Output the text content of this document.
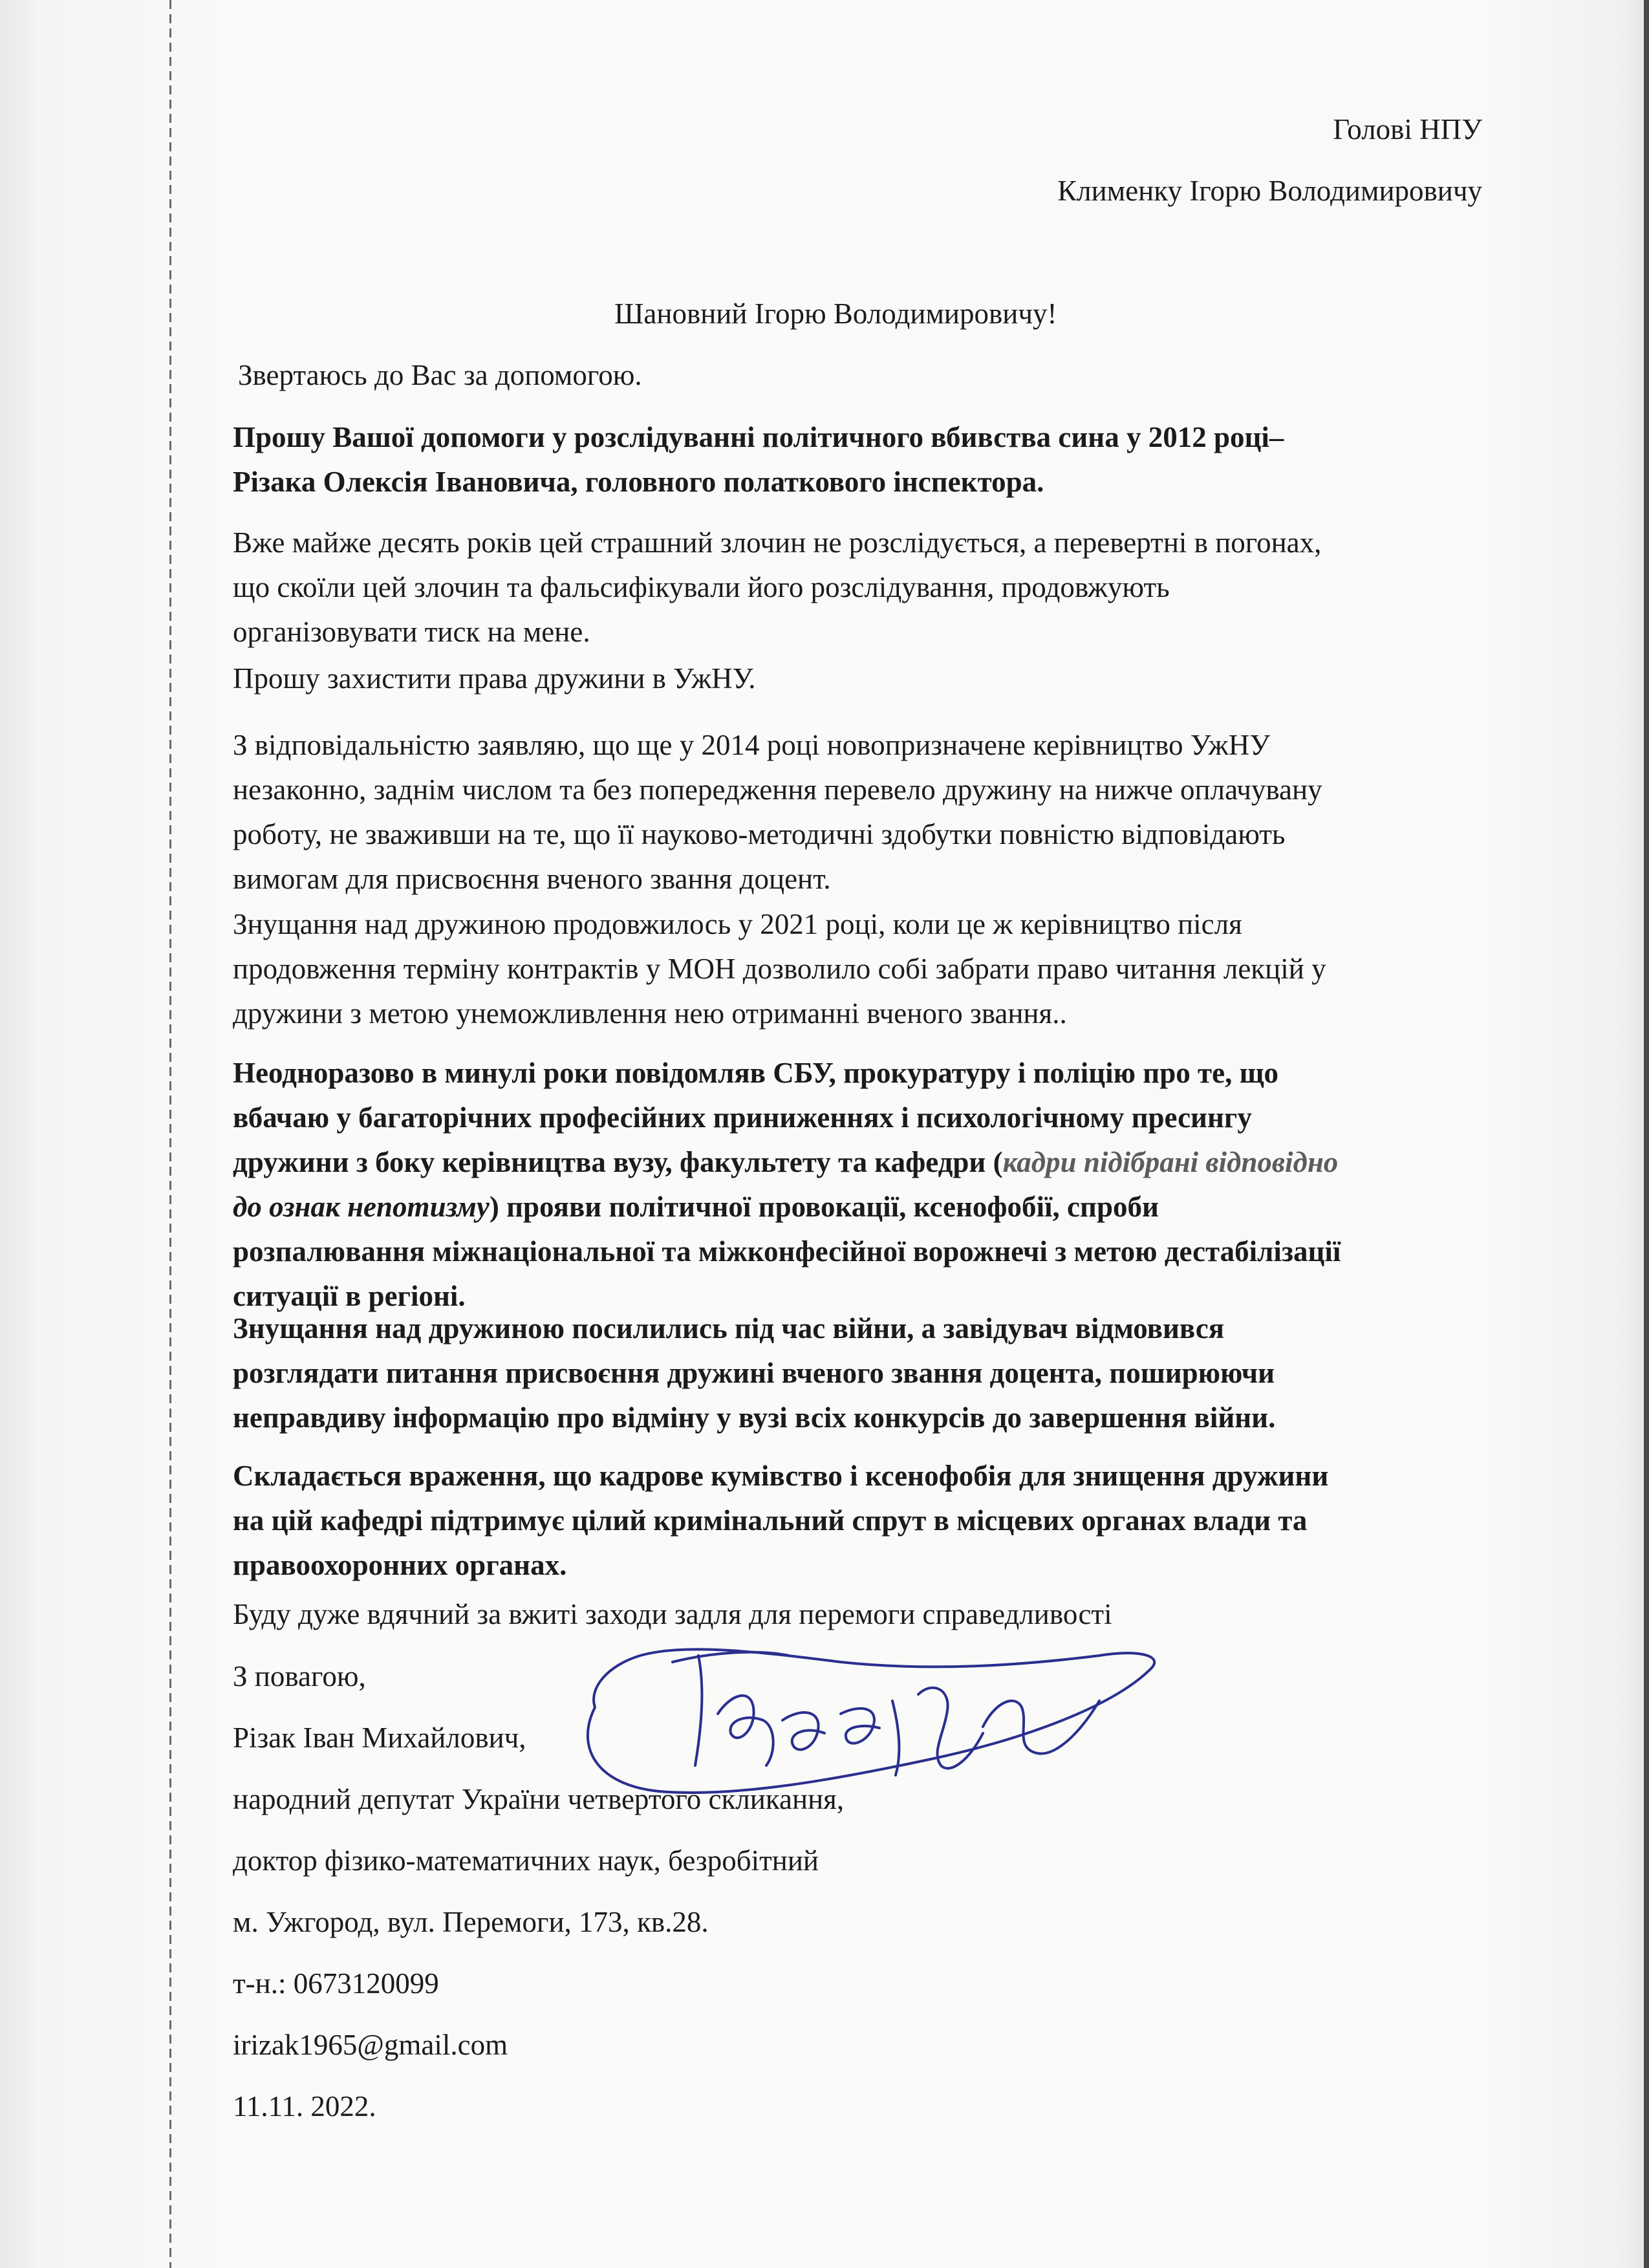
Голові НПУ
Клименку Ігорю Володимировичу
Шановний Ігорю Володимировичу!
Звертаюсь до Вас за допомогою.
Прошу Вашої допомоги у розслідуванні політичного вбивства сина у 2012 році–
Різака Олексія Івановича, головного полаткового інспектора.
Вже майже десять років цей страшний злочин не розслідується, а перевертні в погонах,
що скоїли цей злочин та фальсифікували його розслідування, продовжують
організовувати тиск на мене.
Прошу захистити права дружини в УжНУ.
З відповідальністю заявляю, що ще у 2014 році новопризначене керівництво УжНУ
незаконно, заднім числом та без попередження перевело дружину на нижче оплачувану
роботу, не зваживши на те, що її науково-методичні здобутки повністю відповідають
вимогам для присвоєння вченого звання доцент.
Знущання над дружиною продовжилось у 2021 році, коли це ж керівництво після
продовження терміну контрактів у МОН дозволило собі забрати право читання лекцій у
дружини з метою унеможливлення нею отриманні вченого звання..
Неодноразово в минулі роки повідомляв СБУ, прокуратуру і поліцію про те, що
вбачаю у багаторічних професійних приниженнях і психологічному пресингу
дружини з боку керівництва вузу, факультету та кафедри (кадри підібрані відповідно
до ознак непотизму) прояви політичної провокації, ксенофобії, спроби
розпалювання міжнаціональної та міжконфесійної ворожнечі з метою дестабілізації
ситуації в регіоні.
Знущання над дружиною посилились під час війни, а завідувач відмовився
розглядати питання присвоєння дружині вченого звання доцента, поширюючи
неправдиву інформацію про відміну у вузі всіх конкурсів до завершення війни.
Складається враження, що кадрове кумівство і ксенофобія для знищення дружини
на цій кафедрі підтримує цілий кримінальний спрут в місцевих органах влади та
правоохоронних органах.
Буду дуже вдячний за вжиті заходи задля для перемоги справедливості
З повагою,
Різак Іван Михайлович,
народний депутат України четвертого скликання,
доктор фізико-математичних наук, безробітний
м. Ужгород, вул. Перемоги, 173, кв.28.
т-н.: 0673120099
irizak1965@gmail.com
11.11. 2022.
